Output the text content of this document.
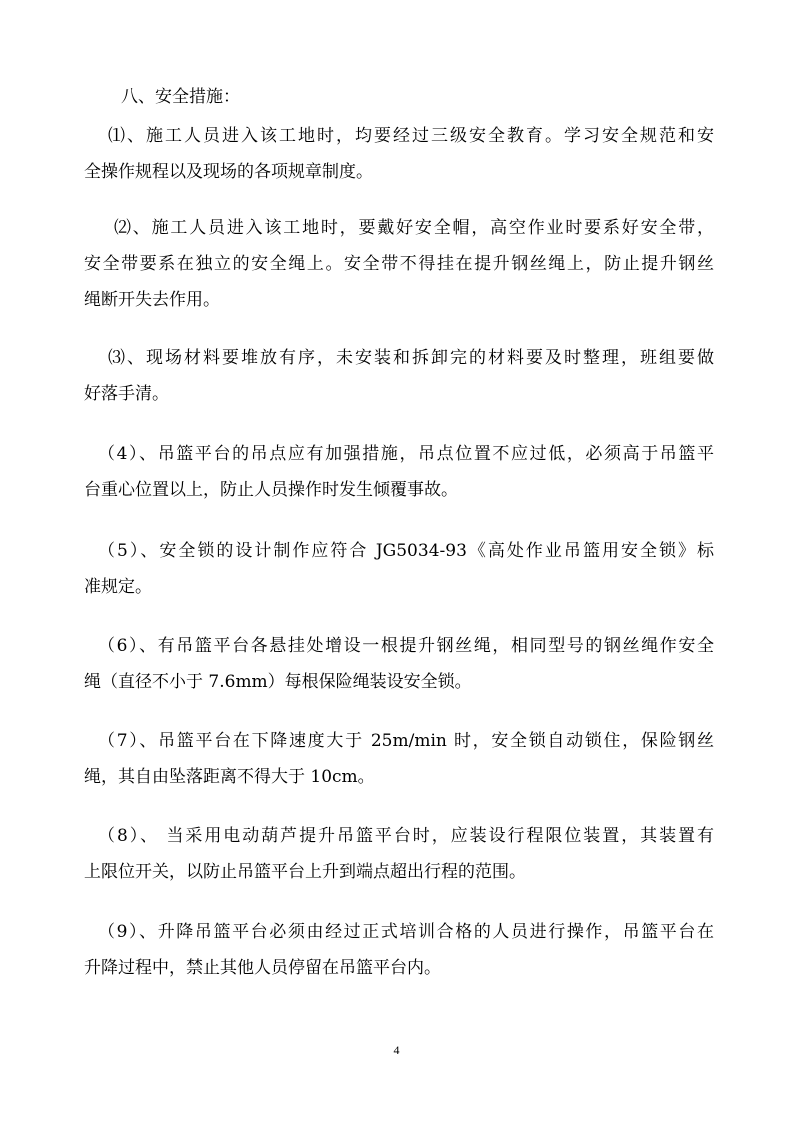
八、安全措施：
⑴、施工人员进入该工地时，均要经过三级安全教育。学习安全规范和安
全操作规程以及现场的各项规章制度。
⑵、施工人员进入该工地时，要戴好安全帽，高空作业时要系好安全带，
安全带要系在独立的安全绳上。安全带不得挂在提升钢丝绳上，防止提升钢丝
绳断开失去作用。
⑶、现场材料要堆放有序，未安装和拆卸完的材料要及时整理，班组要做
好落手清。
（4）、吊篮平台的吊点应有加强措施，吊点位置不应过低，必须高于吊篮平
台重心位置以上，防止人员操作时发生倾覆事故。
（5）、安全锁的设计制作应符合 JG5034-93《高处作业吊篮用安全锁》标
准规定。
（6）、有吊篮平台各悬挂处增设一根提升钢丝绳，相同型号的钢丝绳作安全
绳（直径不小于 7.6mm）每根保险绳装设安全锁。
（7）、吊篮平台在下降速度大于 25m/min 时，安全锁自动锁住，保险钢丝
绳，其自由坠落距离不得大于 10cm。
（8）、 当采用电动葫芦提升吊篮平台时，应装设行程限位装置，其装置有
上限位开关，以防止吊篮平台上升到端点超出行程的范围。
（9）、升降吊篮平台必须由经过正式培训合格的人员进行操作，吊篮平台在
升降过程中，禁止其他人员停留在吊篮平台内。
4
